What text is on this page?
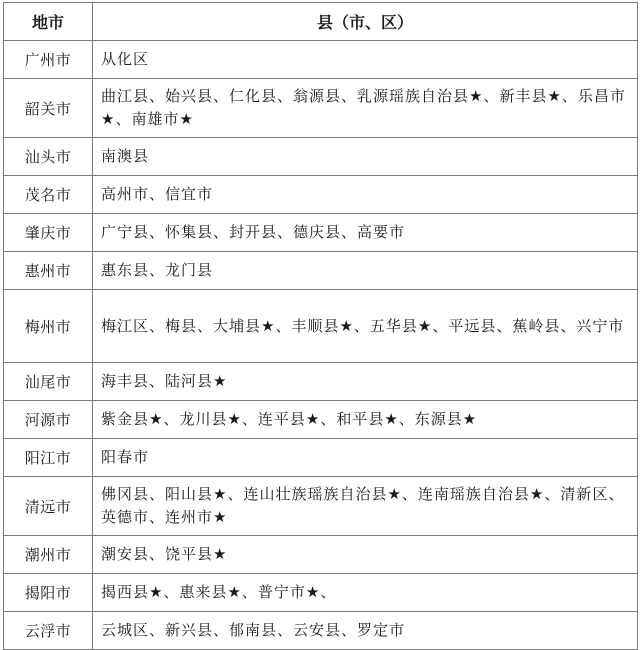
地市	县（市、区）
广州市	从化区
韶关市	曲江县、始兴县、仁化县、翁源县、乳源瑶族自治县★、新丰县★、乐昌市★、南雄市★
汕头市	南澳县
茂名市	高州市、信宜市
肇庆市	广宁县、怀集县、封开县、德庆县、高要市
惠州市	惠东县、龙门县
梅州市	梅江区、梅县、大埔县★、丰顺县★、五华县★、平远县、蕉岭县、兴宁市
汕尾市	海丰县、陆河县★
河源市	紫金县★、龙川县★、连平县★、和平县★、东源县★
阳江市	阳春市
清远市	佛冈县、阳山县★、连山壮族瑶族自治县★、连南瑶族自治县★、清新区、英德市、连州市★
潮州市	潮安县、饶平县★
揭阳市	揭西县★、惠来县★、普宁市★、
云浮市	云城区、新兴县、郁南县、云安县、罗定市
